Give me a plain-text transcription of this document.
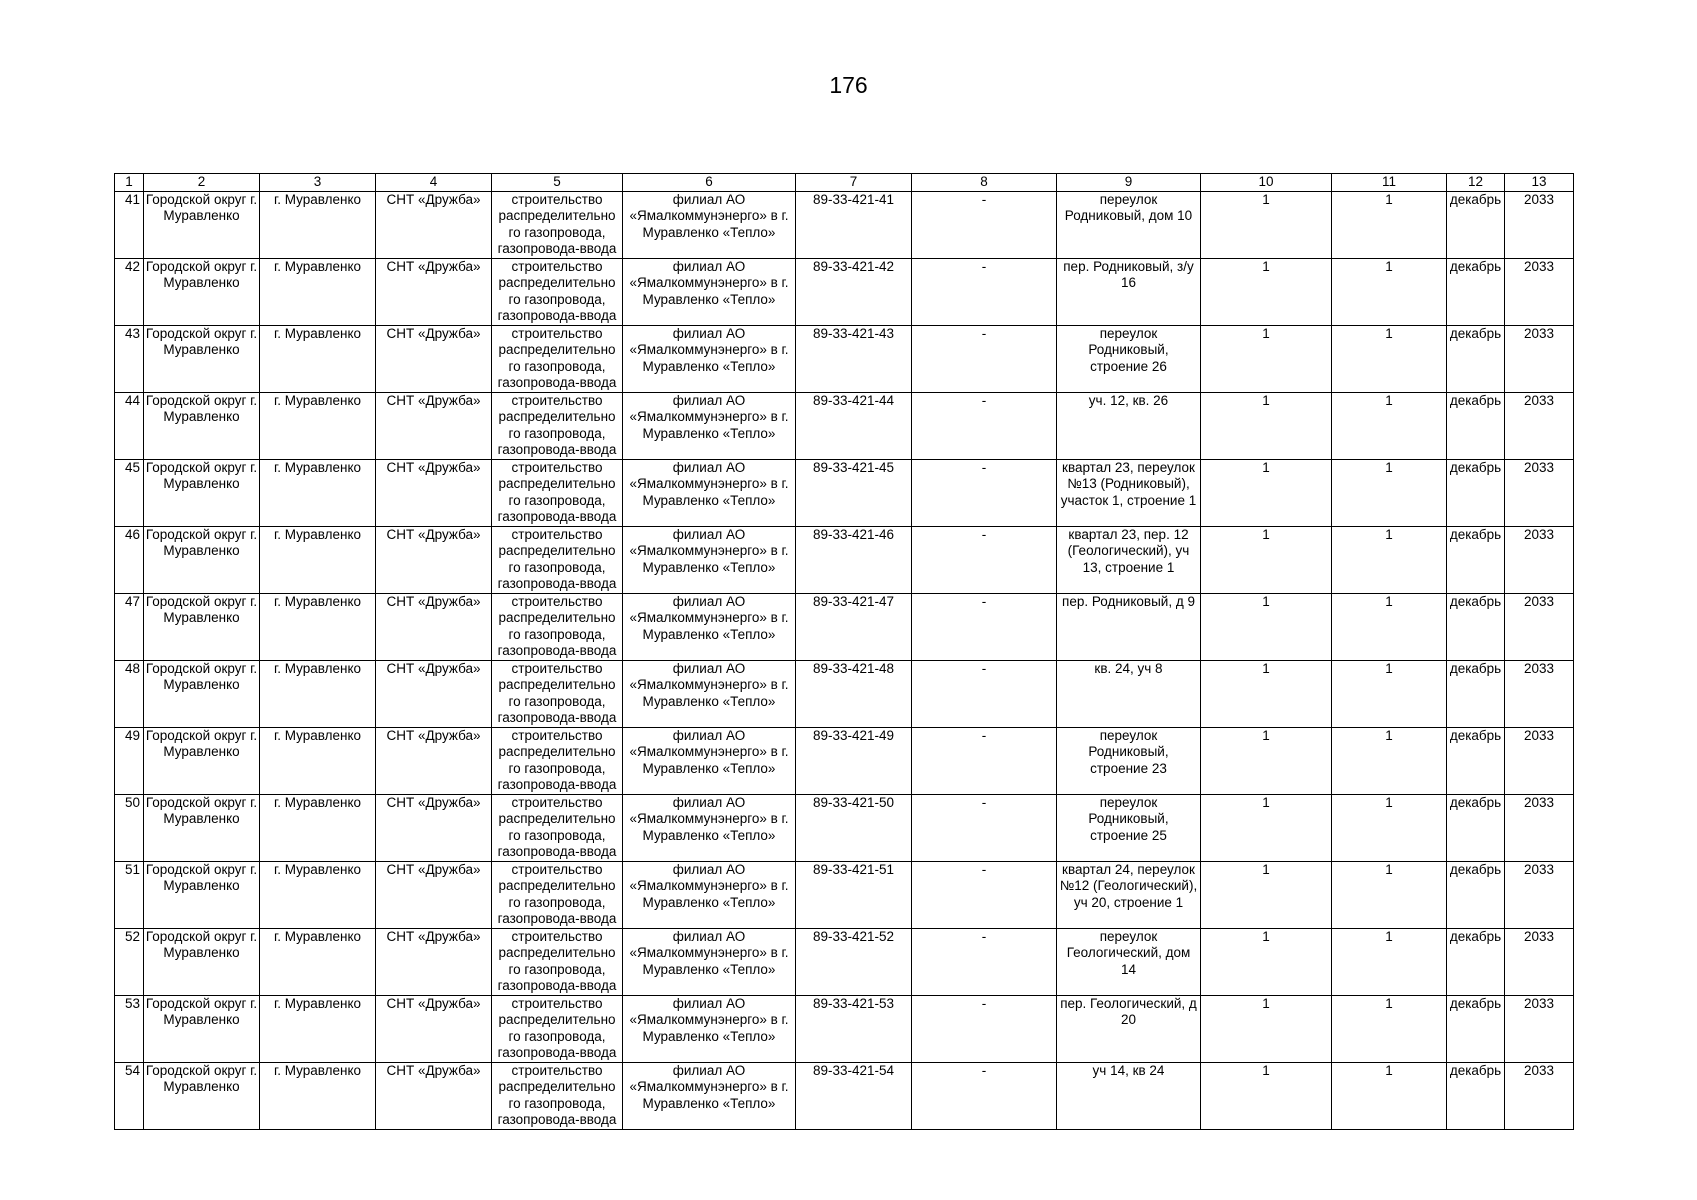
176
1	2	3	4	5	6	7	8	9	10	11	12	13
41	Городской округ г. Муравленко	г. Муравленко	СНТ «Дружба»	строительство распределительно го газопровода, газопровода-ввода	филиал АО «Ямалкоммунэнерго» в г. Муравленко «Тепло»	89-33-421-41	-	переулок Родниковый, дом 10	1	1	декабрь	2033
42	Городской округ г. Муравленко	г. Муравленко	СНТ «Дружба»	строительство распределительно го газопровода, газопровода-ввода	филиал АО «Ямалкоммунэнерго» в г. Муравленко «Тепло»	89-33-421-42	-	пер. Родниковый, з/у 16	1	1	декабрь	2033
43	Городской округ г. Муравленко	г. Муравленко	СНТ «Дружба»	строительство распределительно го газопровода, газопровода-ввода	филиал АО «Ямалкоммунэнерго» в г. Муравленко «Тепло»	89-33-421-43	-	переулок Родниковый, строение 26	1	1	декабрь	2033
44	Городской округ г. Муравленко	г. Муравленко	СНТ «Дружба»	строительство распределительно го газопровода, газопровода-ввода	филиал АО «Ямалкоммунэнерго» в г. Муравленко «Тепло»	89-33-421-44	-	уч. 12, кв. 26	1	1	декабрь	2033
45	Городской округ г. Муравленко	г. Муравленко	СНТ «Дружба»	строительство распределительно го газопровода, газопровода-ввода	филиал АО «Ямалкоммунэнерго» в г. Муравленко «Тепло»	89-33-421-45	-	квартал 23, переулок №13 (Родниковый), участок 1, строение 1	1	1	декабрь	2033
46	Городской округ г. Муравленко	г. Муравленко	СНТ «Дружба»	строительство распределительно го газопровода, газопровода-ввода	филиал АО «Ямалкоммунэнерго» в г. Муравленко «Тепло»	89-33-421-46	-	квартал 23, пер. 12 (Геологический), уч 13, строение 1	1	1	декабрь	2033
47	Городской округ г. Муравленко	г. Муравленко	СНТ «Дружба»	строительство распределительно го газопровода, газопровода-ввода	филиал АО «Ямалкоммунэнерго» в г. Муравленко «Тепло»	89-33-421-47	-	пер. Родниковый, д 9	1	1	декабрь	2033
48	Городской округ г. Муравленко	г. Муравленко	СНТ «Дружба»	строительство распределительно го газопровода, газопровода-ввода	филиал АО «Ямалкоммунэнерго» в г. Муравленко «Тепло»	89-33-421-48	-	кв. 24, уч 8	1	1	декабрь	2033
49	Городской округ г. Муравленко	г. Муравленко	СНТ «Дружба»	строительство распределительно го газопровода, газопровода-ввода	филиал АО «Ямалкоммунэнерго» в г. Муравленко «Тепло»	89-33-421-49	-	переулок Родниковый, строение 23	1	1	декабрь	2033
50	Городской округ г. Муравленко	г. Муравленко	СНТ «Дружба»	строительство распределительно го газопровода, газопровода-ввода	филиал АО «Ямалкоммунэнерго» в г. Муравленко «Тепло»	89-33-421-50	-	переулок Родниковый, строение 25	1	1	декабрь	2033
51	Городской округ г. Муравленко	г. Муравленко	СНТ «Дружба»	строительство распределительно го газопровода, газопровода-ввода	филиал АО «Ямалкоммунэнерго» в г. Муравленко «Тепло»	89-33-421-51	-	квартал 24, переулок №12 (Геологический), уч 20, строение 1	1	1	декабрь	2033
52	Городской округ г. Муравленко	г. Муравленко	СНТ «Дружба»	строительство распределительно го газопровода, газопровода-ввода	филиал АО «Ямалкоммунэнерго» в г. Муравленко «Тепло»	89-33-421-52	-	переулок Геологический, дом 14	1	1	декабрь	2033
53	Городской округ г. Муравленко	г. Муравленко	СНТ «Дружба»	строительство распределительно го газопровода, газопровода-ввода	филиал АО «Ямалкоммунэнерго» в г. Муравленко «Тепло»	89-33-421-53	-	пер. Геологический, д 20	1	1	декабрь	2033
54	Городской округ г. Муравленко	г. Муравленко	СНТ «Дружба»	строительство распределительно го газопровода, газопровода-ввода	филиал АО «Ямалкоммунэнерго» в г. Муравленко «Тепло»	89-33-421-54	-	уч 14, кв 24	1	1	декабрь	2033
